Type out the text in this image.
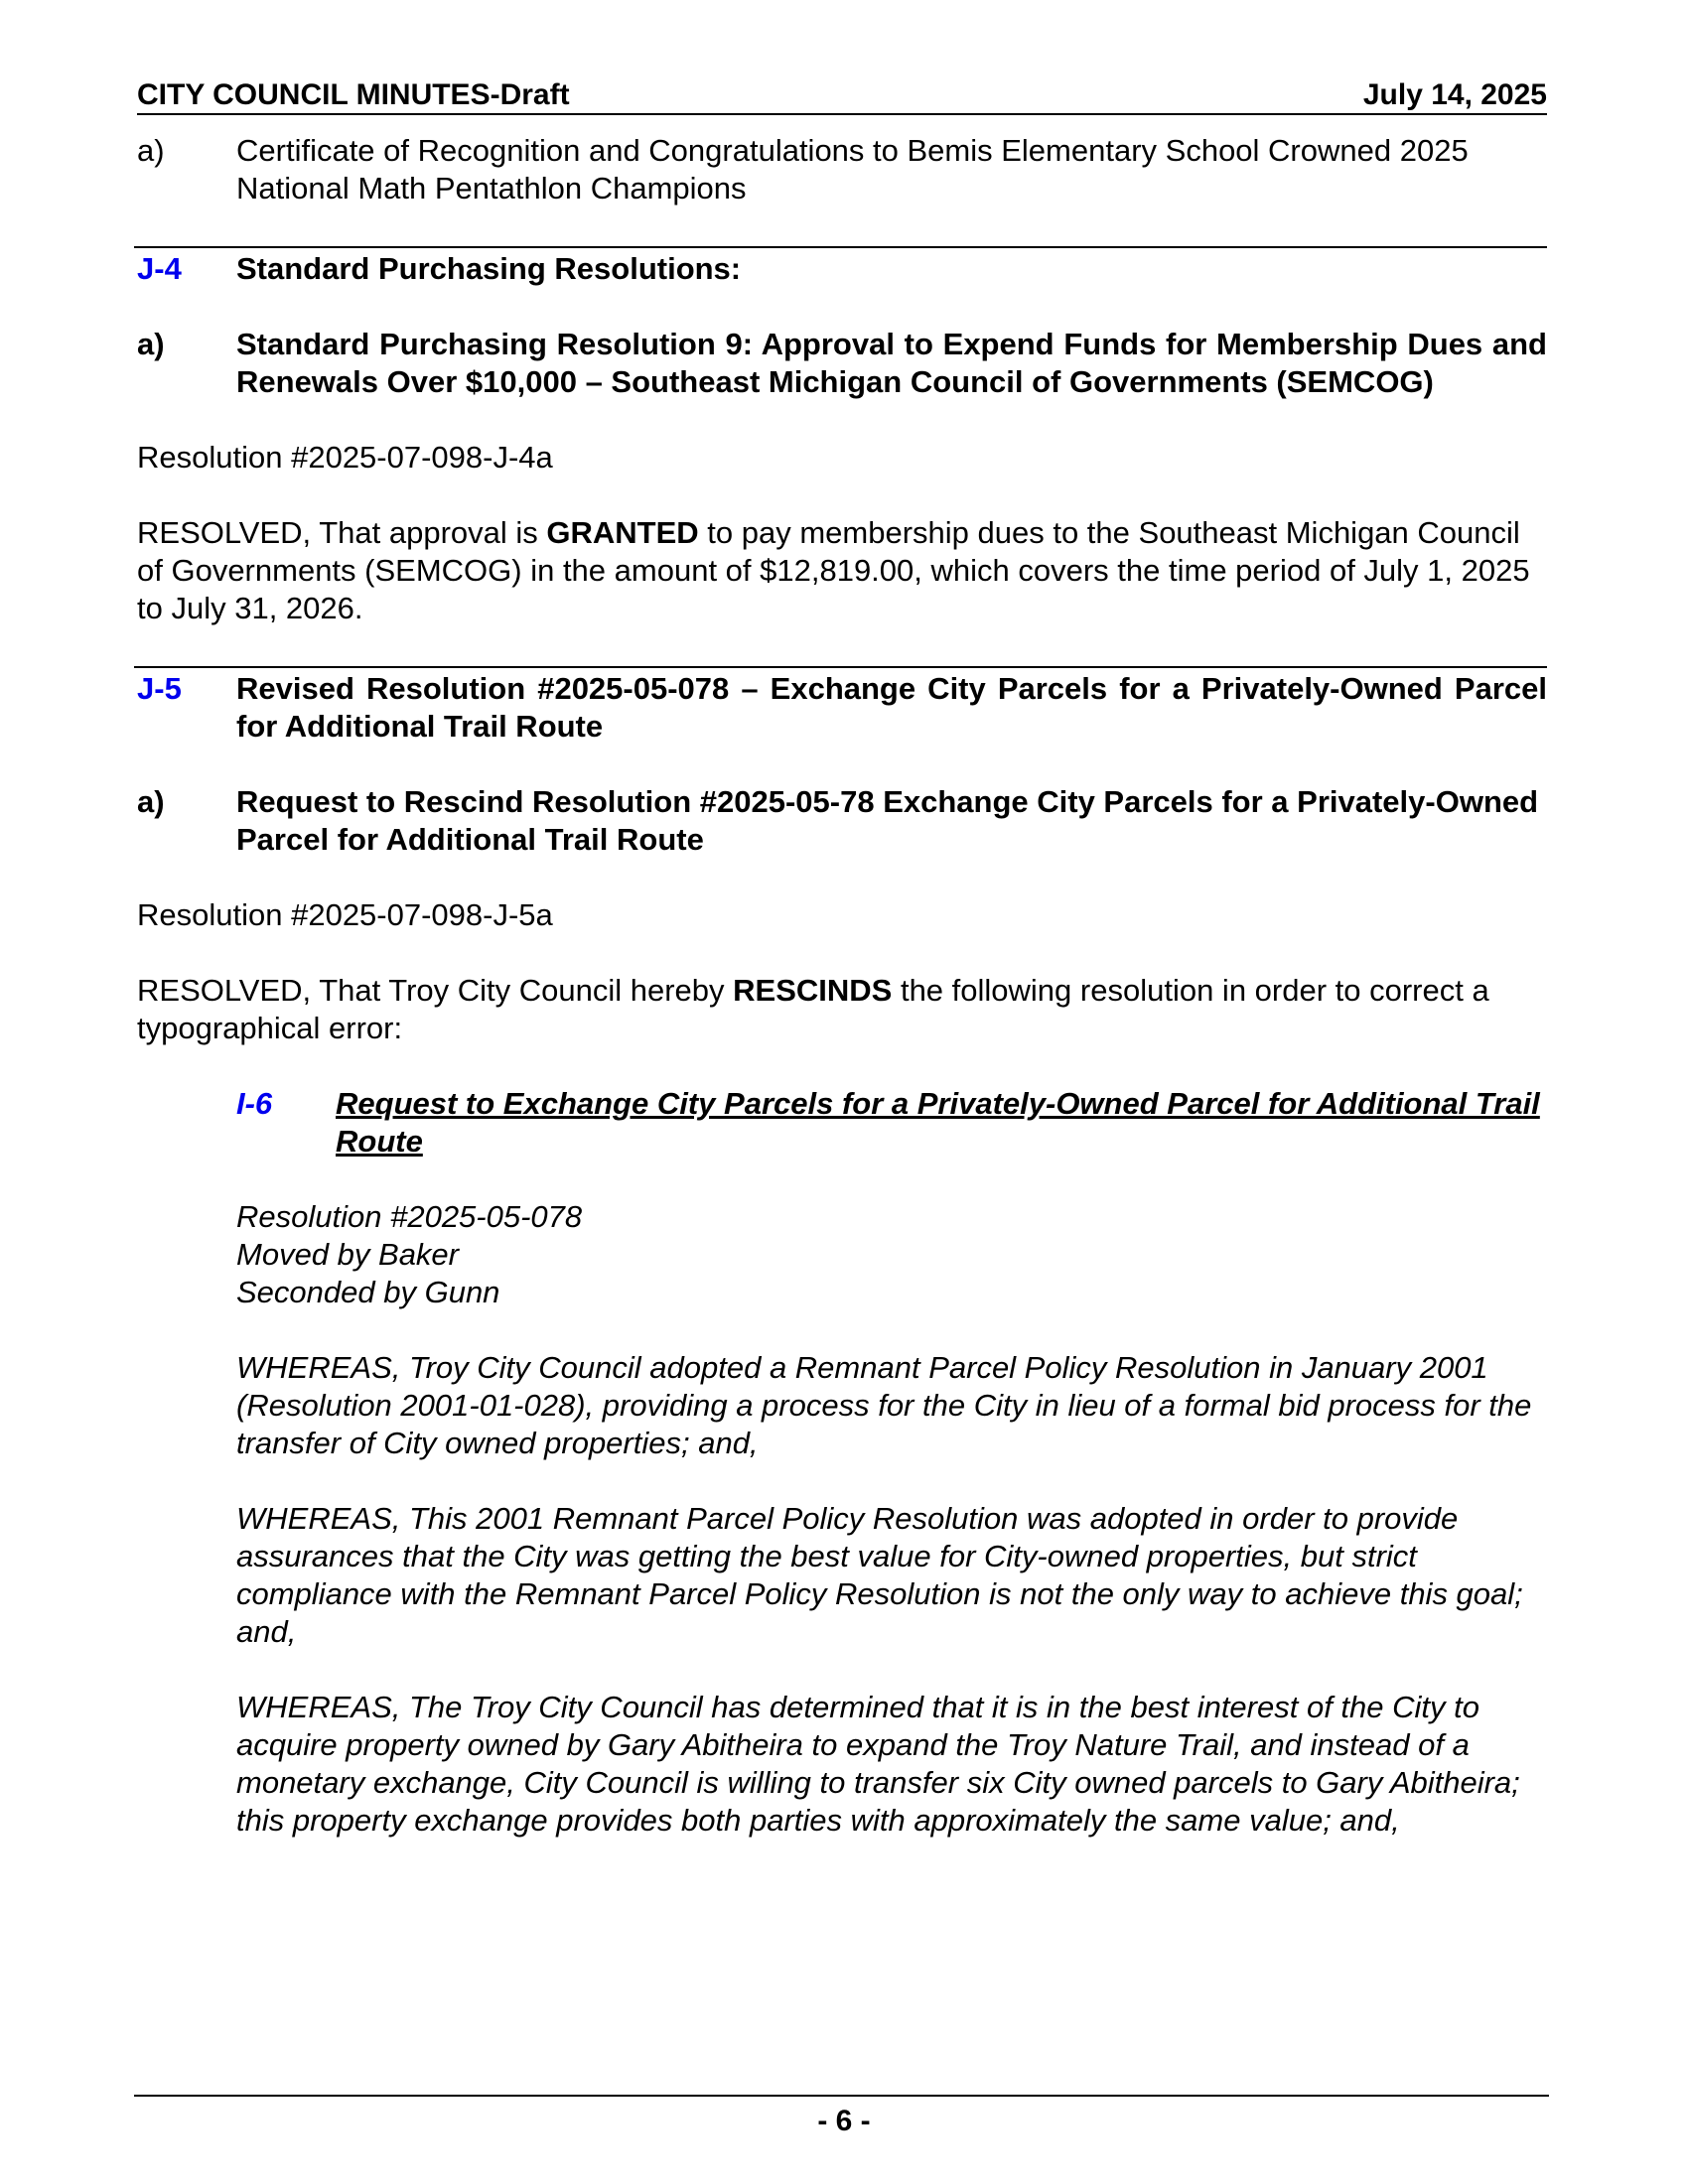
CITY COUNCIL MINUTES-Draft	July 14, 2025
a)	Certificate of Recognition and Congratulations to Bemis Elementary School Crowned 2025 National Math Pentathlon Champions
J-4	Standard Purchasing Resolutions:
a)	Standard Purchasing Resolution 9: Approval to Expend Funds for Membership Dues and Renewals Over $10,000 – Southeast Michigan Council of Governments (SEMCOG)
Resolution #2025-07-098-J-4a
RESOLVED, That approval is GRANTED to pay membership dues to the Southeast Michigan Council of Governments (SEMCOG) in the amount of $12,819.00, which covers the time period of July 1, 2025 to July 31, 2026.
J-5	Revised Resolution #2025-05-078 – Exchange City Parcels for a Privately-Owned Parcel for Additional Trail Route
a)	Request to Rescind Resolution #2025-05-78 Exchange City Parcels for a Privately-Owned Parcel for Additional Trail Route
Resolution #2025-07-098-J-5a
RESOLVED, That Troy City Council hereby RESCINDS the following resolution in order to correct a typographical error:
I-6	Request to Exchange City Parcels for a Privately-Owned Parcel for Additional Trail Route
Resolution #2025-05-078
Moved by Baker
Seconded by Gunn
WHEREAS, Troy City Council adopted a Remnant Parcel Policy Resolution in January 2001 (Resolution 2001-01-028), providing a process for the City in lieu of a formal bid process for the transfer of City owned properties; and,
WHEREAS, This 2001 Remnant Parcel Policy Resolution was adopted in order to provide assurances that the City was getting the best value for City-owned properties, but strict compliance with the Remnant Parcel Policy Resolution is not the only way to achieve this goal; and,
WHEREAS, The Troy City Council has determined that it is in the best interest of the City to acquire property owned by Gary Abitheira to expand the Troy Nature Trail, and instead of a monetary exchange, City Council is willing to transfer six City owned parcels to Gary Abitheira; this property exchange provides both parties with approximately the same value; and,
- 6 -
